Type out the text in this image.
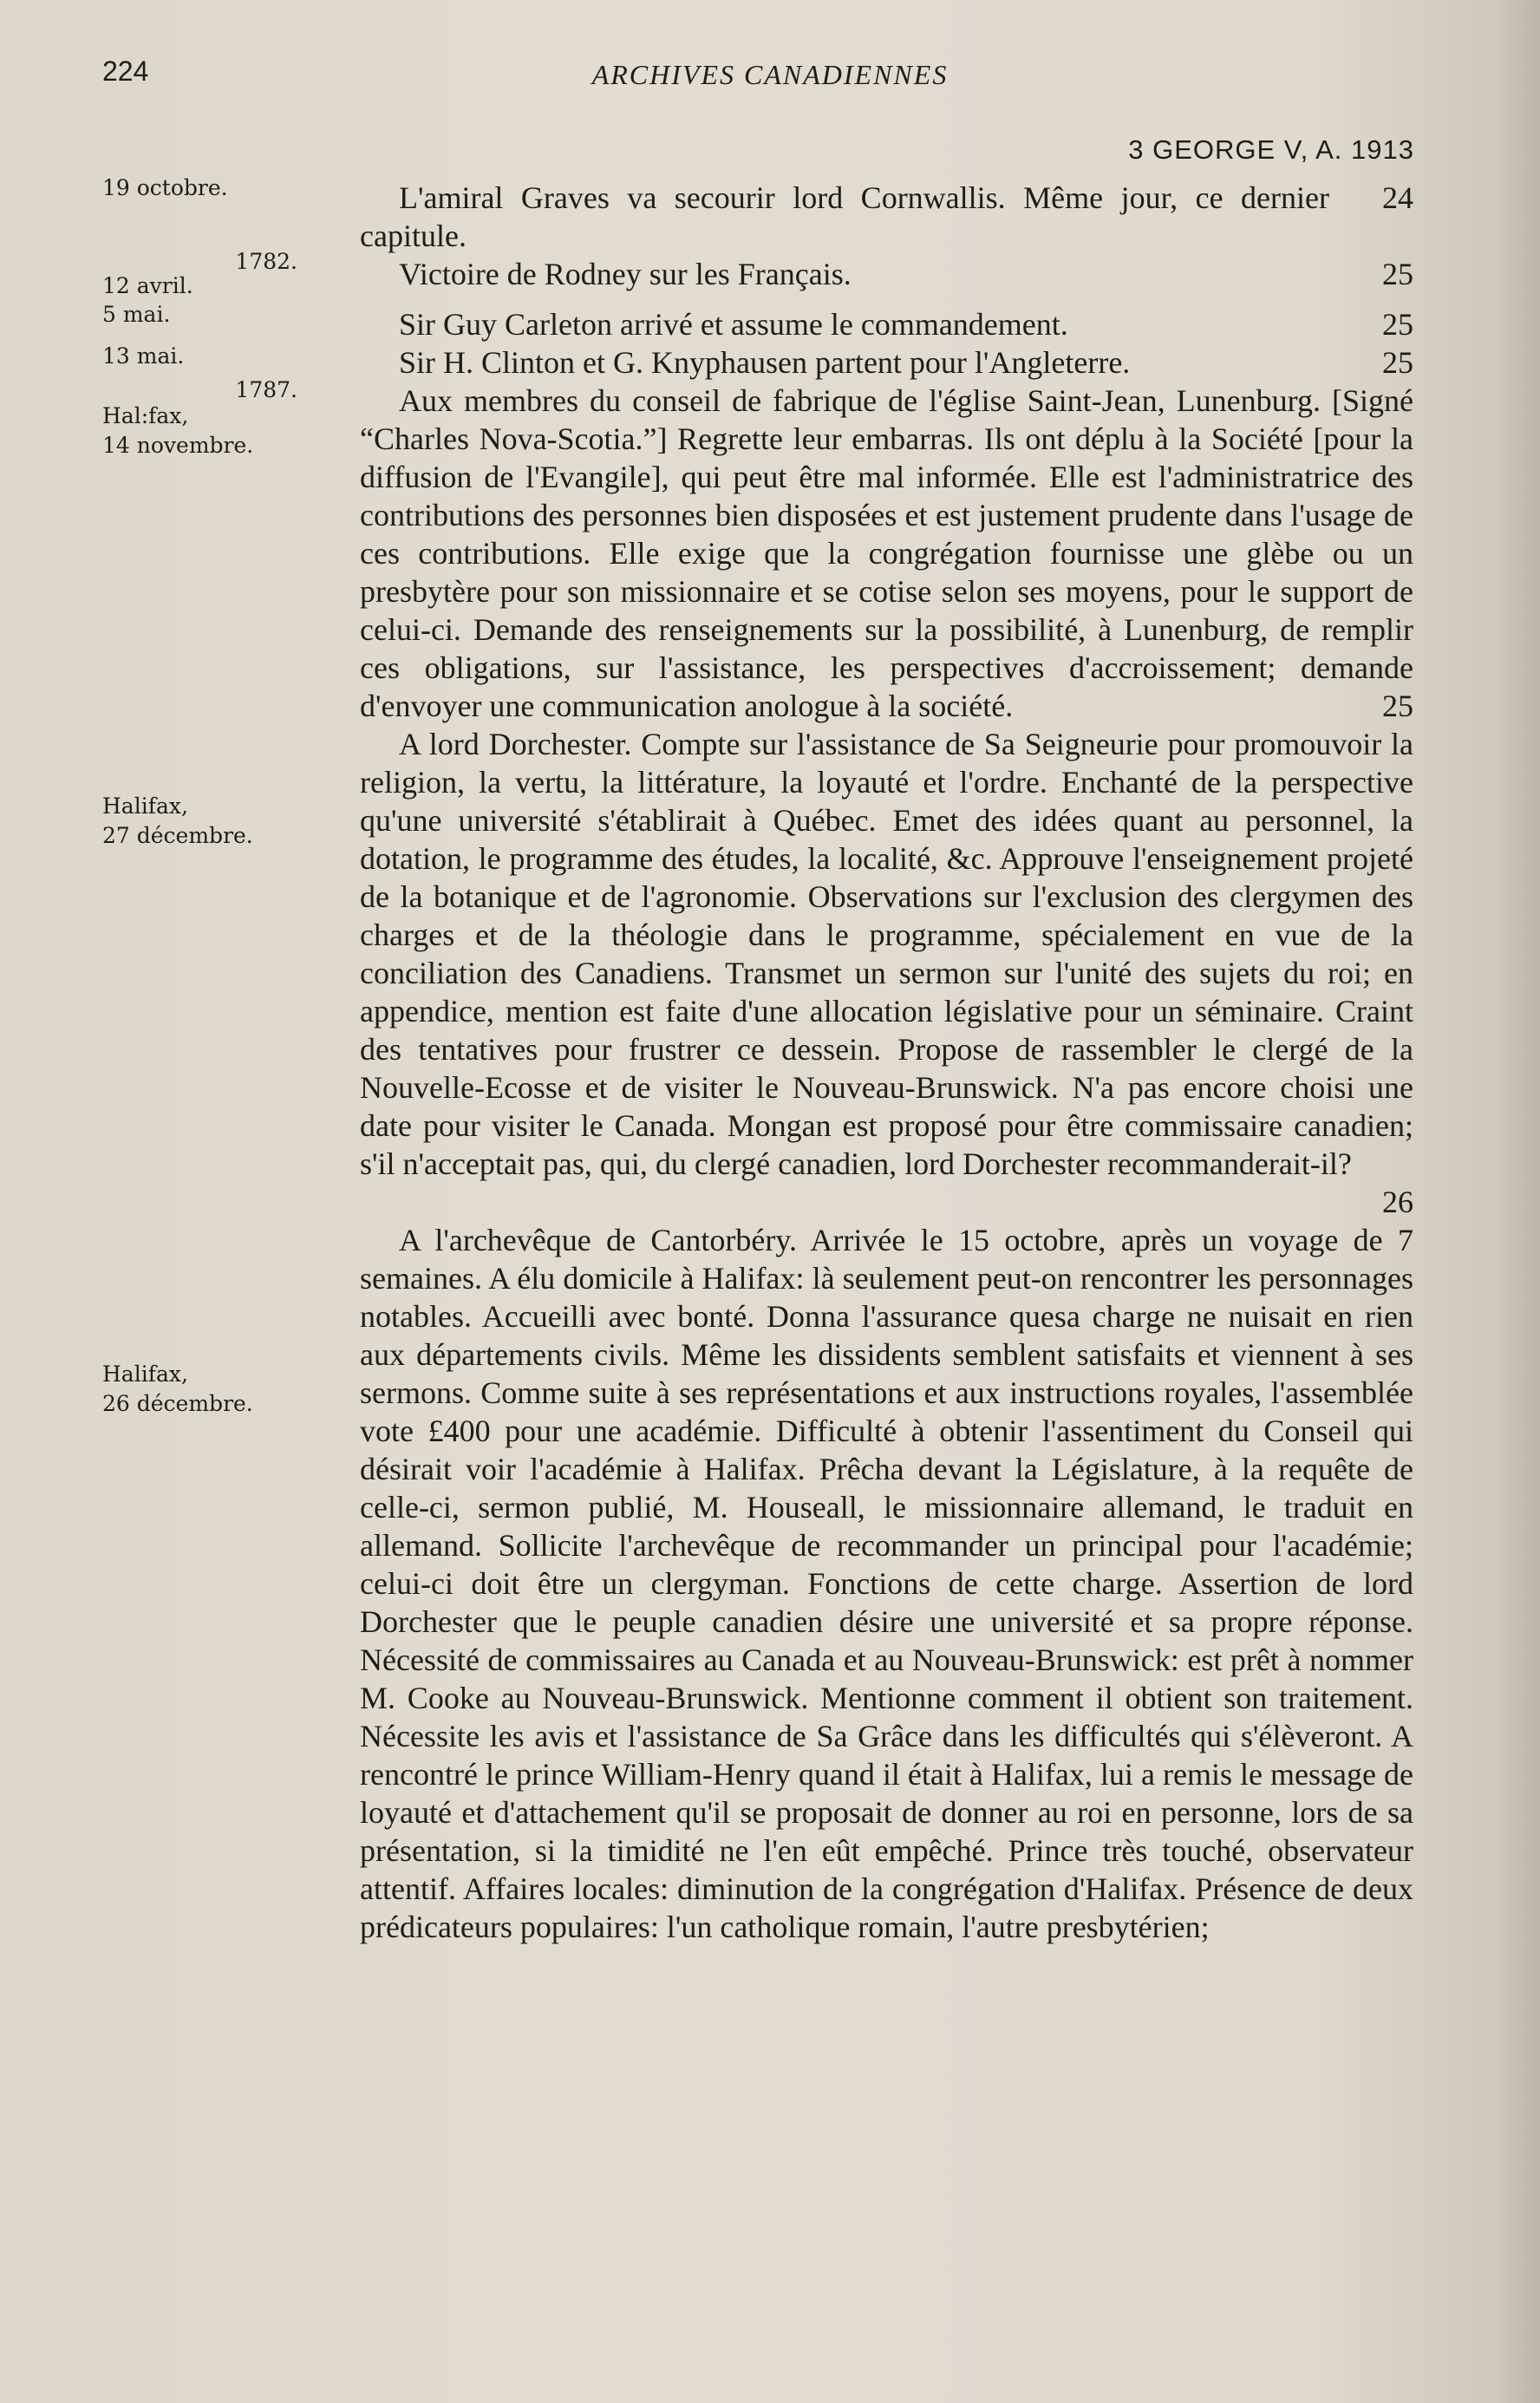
224	ARCHIVES CANADIENNES
3 GEORGE V, A. 1913
19 octobre.
1782.
12 avril.
5 mai.
13 mai.
1787.
Hal:fax,
14 novembre.
Halifax,
27 décembre.
Halifax,
26 décembre.
24
L'amiral Graves va secourir lord Cornwallis. Même jour, ce dernier capitule.
25
Victoire de Rodney sur les Français.
25
Sir Guy Carleton arrivé et assume le commandement.
25
Sir H. Clinton et G. Knyphausen partent pour l'Angleterre.
Aux membres du conseil de fabrique de l'église Saint-Jean, Lunenburg. [Signé “Charles Nova-Scotia.”] Regrette leur embarras. Ils ont déplu à la Société [pour la diffusion de l'Evangile], qui peut être mal informée. Elle est l'administratrice des contributions des personnes bien disposées et est justement prudente dans l'usage de ces contributions. Elle exige que la congrégation fournisse une glèbe ou un presbytère pour son missionnaire et se cotise selon ses moyens, pour le support de celui-ci. Demande des renseignements sur la possibilité, à Lunenburg, de remplir ces obligations, sur l'assistance, les perspectives d'accroissement; demande d'envoyer une communication anologue à la société.	25
A lord Dorchester. Compte sur l'assistance de Sa Seigneurie pour promouvoir la religion, la vertu, la littérature, la loyauté et l'ordre. Enchanté de la perspective qu'une université s'établirait à Québec. Emet des idées quant au personnel, la dotation, le programme des études, la localité, &c. Approuve l'enseignement projeté de la botanique et de l'agronomie. Observations sur l'exclusion des clergymen des charges et de la théologie dans le programme, spécialement en vue de la conciliation des Canadiens. Transmet un sermon sur l'unité des sujets du roi; en appendice, mention est faite d'une allocation législative pour un séminaire. Craint des tentatives pour frustrer ce dessein. Propose de rassembler le clergé de la Nouvelle-Ecosse et de visiter le Nouveau-Brunswick. N'a pas encore choisi une date pour visiter le Canada. Mongan est proposé pour être commissaire canadien; s'il n'acceptait pas, qui, du clergé canadien, lord Dorchester recommanderait-il?
26
A l'archevêque de Cantorbéry. Arrivée le 15 octobre, après un voyage de 7 semaines. A élu domicile à Halifax: là seulement peut-on rencontrer les personnages notables. Accueilli avec bonté. Donna l'assurance quesa charge ne nuisait en rien aux départements civils. Même les dissidents semblent satisfaits et viennent à ses sermons. Comme suite à ses représentations et aux instructions royales, l'assemblée vote £400 pour une académie. Difficulté à obtenir l'assentiment du Conseil qui désirait voir l'académie à Halifax. Prêcha devant la Législature, à la requête de celle-ci, sermon publié, M. Houseall, le missionnaire allemand, le traduit en allemand. Sollicite l'archevêque de recommander un principal pour l'académie; celui-ci doit être un clergyman. Fonctions de cette charge. Assertion de lord Dorchester que le peuple canadien désire une université et sa propre réponse. Nécessité de commissaires au Canada et au Nouveau-Brunswick: est prêt à nommer M. Cooke au Nouveau-Brunswick. Mentionne comment il obtient son traitement. Nécessite les avis et l'assistance de Sa Grâce dans les difficultés qui s'élèveront. A rencontré le prince William-Henry quand il était à Halifax, lui a remis le message de loyauté et d'attachement qu'il se proposait de donner au roi en personne, lors de sa présentation, si la timidité ne l'en eût empêché. Prince très touché, observateur attentif. Affaires locales: diminution de la congrégation d'Halifax. Présence de deux prédicateurs populaires: l'un catholique romain, l'autre presbytérien;
